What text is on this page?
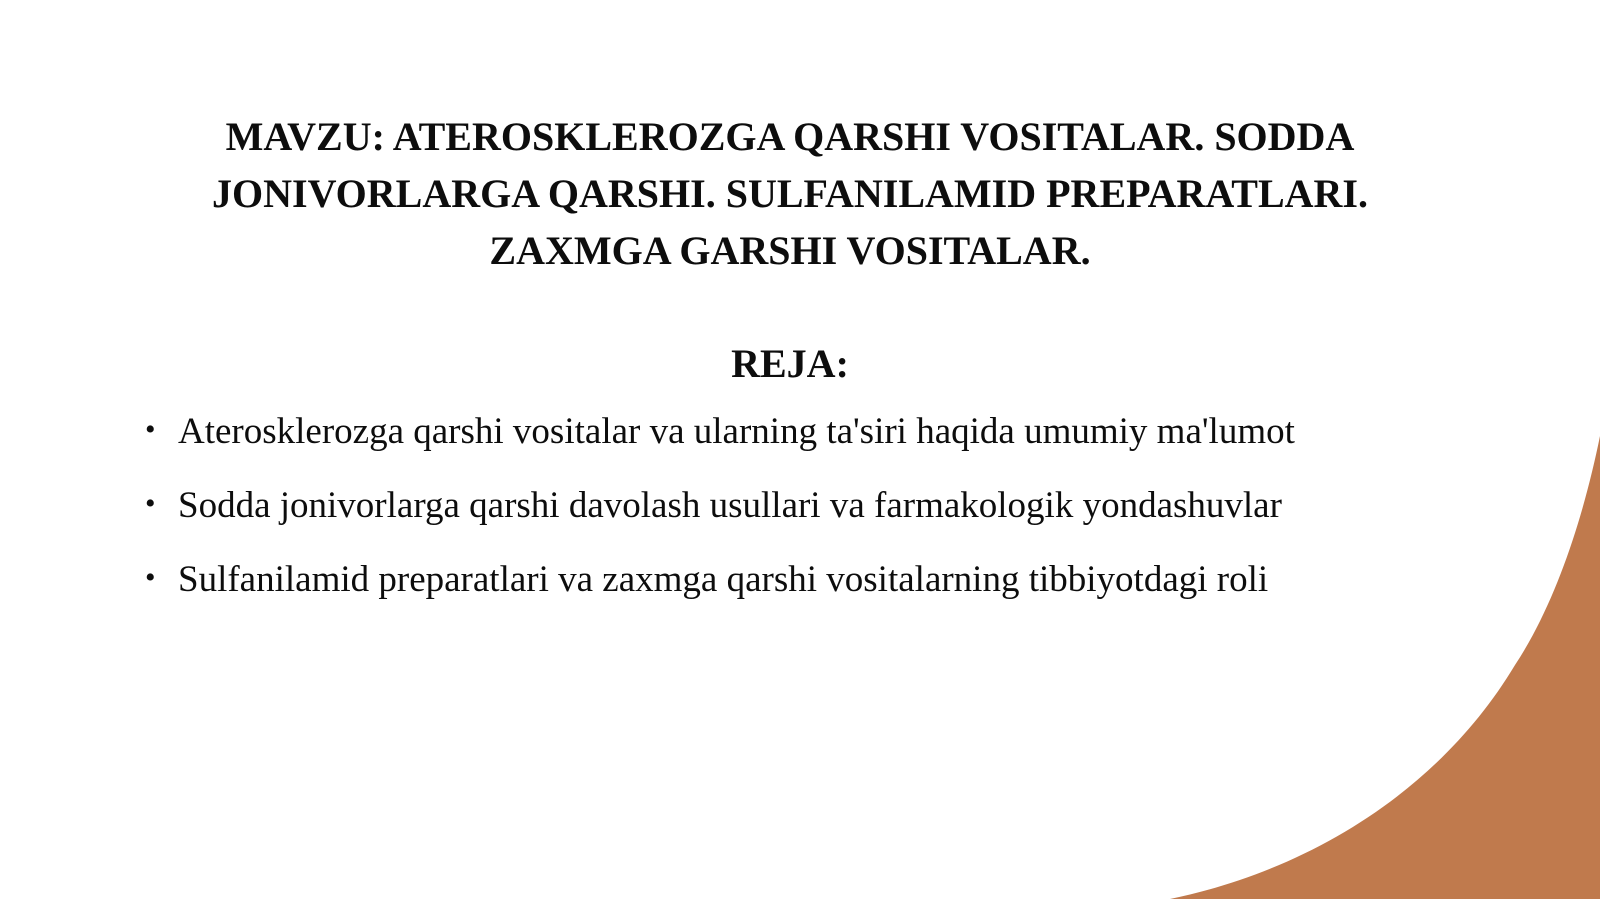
MAVZU: ATEROSKLEROZGA QARSHI VOSITALAR. SODDA
JONIVORLARGA QARSHI. SULFANILAMID PREPARATLARI.
ZAXMGA GARSHI VOSITALAR.
REJA:
• Aterosklerozga qarshi vositalar va ularning ta'siri haqida umumiy ma'lumot
• Sodda jonivorlarga qarshi davolash usullari va farmakologik yondashuvlar
• Sulfanilamid preparatlari va zaxmga qarshi vositalarning tibbiyotdagi roli
